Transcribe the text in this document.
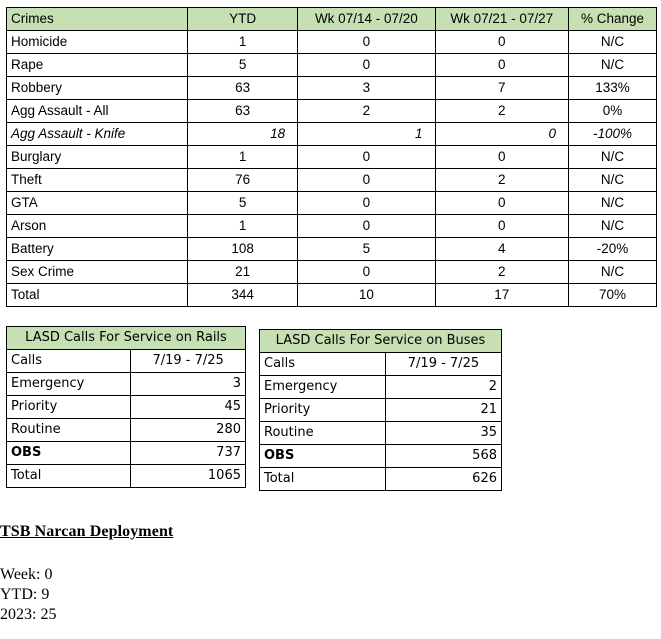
Crimes	YTD	Wk 07/14 - 07/20	Wk 07/21 - 07/27	% Change
Homicide	1	0	0	N/C
Rape	5	0	0	N/C
Robbery	63	3	7	133%
Agg Assault - All	63	2	2	0%
Agg Assault - Knife	18	1	0	-100%
Burglary	1	0	0	N/C
Theft	76	0	2	N/C
GTA	5	0	0	N/C
Arson	1	0	0	N/C
Battery	108	5	4	-20%
Sex Crime	21	0	2	N/C
Total	344	10	17	70%
LASD Calls For Service on Rails	
Calls	7/19 - 7/25
Emergency	3
Priority	45
Routine	280
OBS	737
Total	1065
LASD Calls For Service on Buses	
Calls	7/19 - 7/25
Emergency	2
Priority	21
Routine	35
OBS	568
Total	626
TSB Narcan Deployment
Week: 0
YTD: 9
2023: 25
